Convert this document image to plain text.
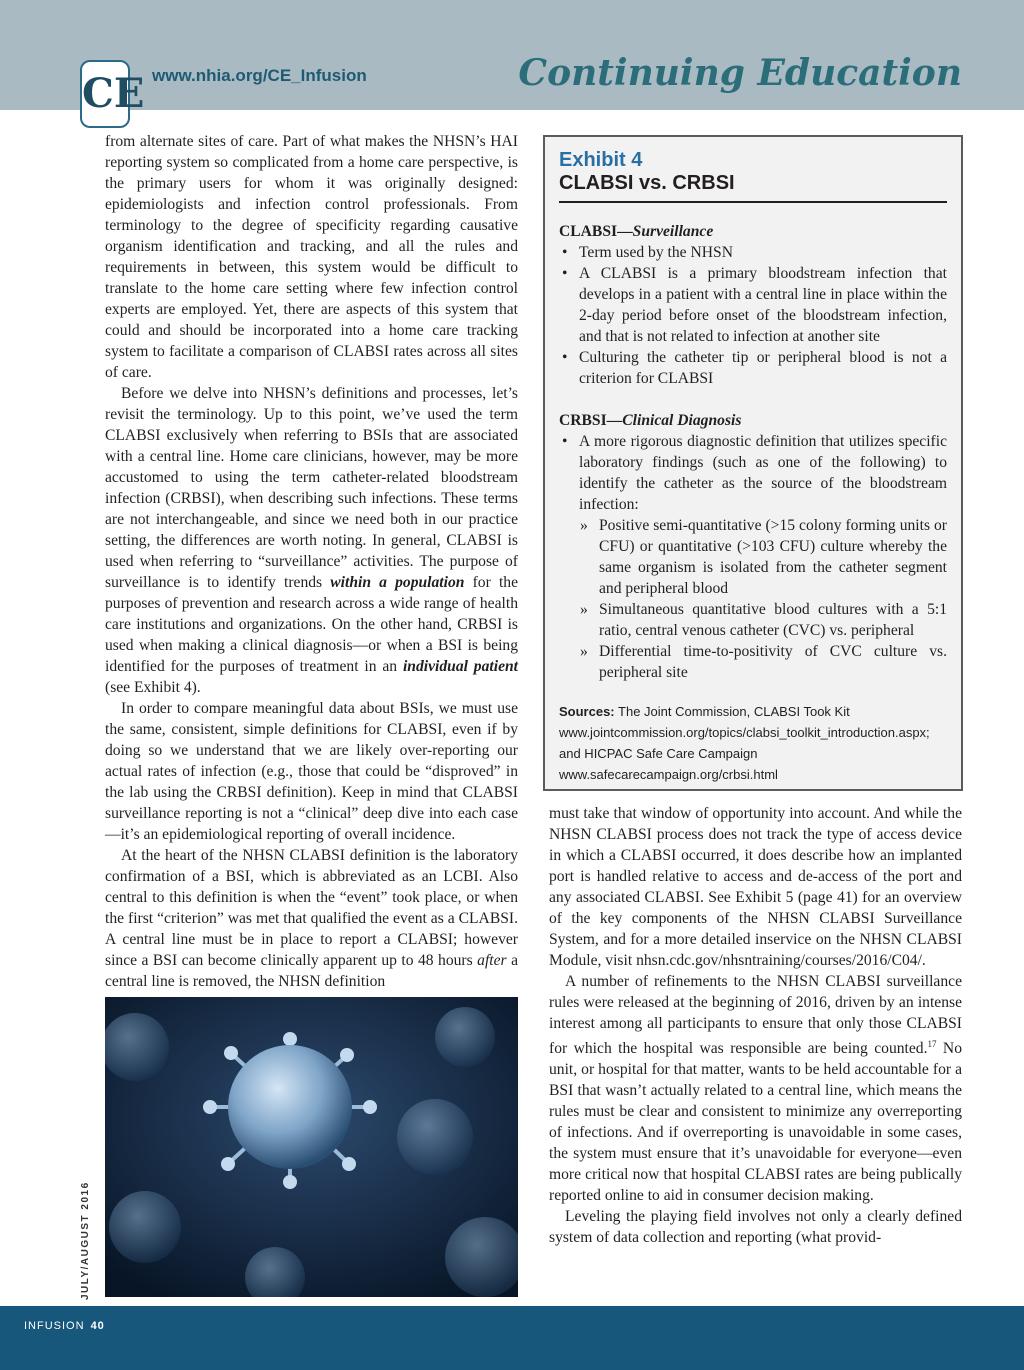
CE www.nhia.org/CE_Infusion	Continuing Education

from alternate sites of care. Part of what makes the NHSN’s HAI reporting system so complicated from a home care perspective, is the primary users for whom it was originally designed: epidemiologists and infection control professionals. From terminology to the degree of specificity regarding causative organism identification and tracking, and all the rules and requirements in between, this system would be difficult to translate to the home care setting where few infection control experts are employed. Yet, there are aspects of this system that could and should be incorporated into a home care tracking system to facilitate a comparison of CLABSI rates across all sites of care.

Before we delve into NHSN’s definitions and processes, let’s revisit the terminology. Up to this point, we’ve used the term CLABSI exclusively when referring to BSIs that are associated with a central line. Home care clinicians, however, may be more accustomed to using the term catheter-related bloodstream infection (CRBSI), when describing such infections. These terms are not interchangeable, and since we need both in our practice setting, the differences are worth noting. In general, CLABSI is used when referring to “surveillance” activities. The purpose of surveillance is to identify trends within a population for the purposes of prevention and research across a wide range of health care institutions and organizations. On the other hand, CRBSI is used when making a clinical diagnosis—or when a BSI is being identified for the purposes of treatment in an individual patient (see Exhibit 4).

In order to compare meaningful data about BSIs, we must use the same, consistent, simple definitions for CLABSI, even if by doing so we understand that we are likely over-reporting our actual rates of infection (e.g., those that could be “disproved” in the lab using the CRBSI definition). Keep in mind that CLABSI surveillance reporting is not a “clinical” deep dive into each case—it’s an epidemiological reporting of overall incidence.

At the heart of the NHSN CLABSI definition is the laboratory confirmation of a BSI, which is abbreviated as an LCBI. Also central to this definition is when the “event” took place, or when the first “criterion” was met that qualified the event as a CLABSI. A central line must be in place to report a CLABSI; however since a BSI can become clinically apparent up to 48 hours after a central line is removed, the NHSN definition

Exhibit 4
CLABSI vs. CRBSI
CLABSI—Surveillance
• Term used by the NHSN
• A CLABSI is a primary bloodstream infection that develops in a patient with a central line in place within the 2-day period before onset of the bloodstream infection, and that is not related to infection at another site
• Culturing the catheter tip or peripheral blood is not a criterion for CLABSI
CRBSI—Clinical Diagnosis
• A more rigorous diagnostic definition that utilizes specific laboratory findings (such as one of the following) to identify the catheter as the source of the bloodstream infection:
» Positive semi-quantitative (>15 colony forming units or CFU) or quantitative (>103 CFU) culture whereby the same organism is isolated from the catheter segment and peripheral blood
» Simultaneous quantitative blood cultures with a 5:1 ratio, central venous catheter (CVC) vs. peripheral
» Differential time-to-positivity of CVC culture vs. peripheral site
Sources: The Joint Commission, CLABSI Took Kit www.jointcommission.org/topics/clabsi_toolkit_introduction.aspx; and HICPAC Safe Care Campaign www.safecarecampaign.org/crbsi.html

must take that window of opportunity into account. And while the NHSN CLABSI process does not track the type of access device in which a CLABSI occurred, it does describe how an implanted port is handled relative to access and de-access of the port and any associated CLABSI. See Exhibit 5 (page 41) for an overview of the key components of the NHSN CLABSI Surveillance System, and for a more detailed inservice on the NHSN CLABSI Module, visit nhsn.cdc.gov/nhsntraining/courses/2016/C04/.

A number of refinements to the NHSN CLABSI surveillance rules were released at the beginning of 2016, driven by an intense interest among all participants to ensure that only those CLABSI for which the hospital was responsible are being counted.$^{17}$ No unit, or hospital for that matter, wants to be held accountable for a BSI that wasn’t actually related to a central line, which means the rules must be clear and consistent to minimize any overreporting of infections. And if overreporting is unavoidable in some cases, the system must ensure that it’s unavoidable for everyone—even more critical now that hospital CLABSI rates are being publically reported online to aid in consumer decision making.

Leveling the playing field involves not only a clearly defined system of data collection and reporting (what provid-

JULY/AUGUST 2016
INFUSION 40
